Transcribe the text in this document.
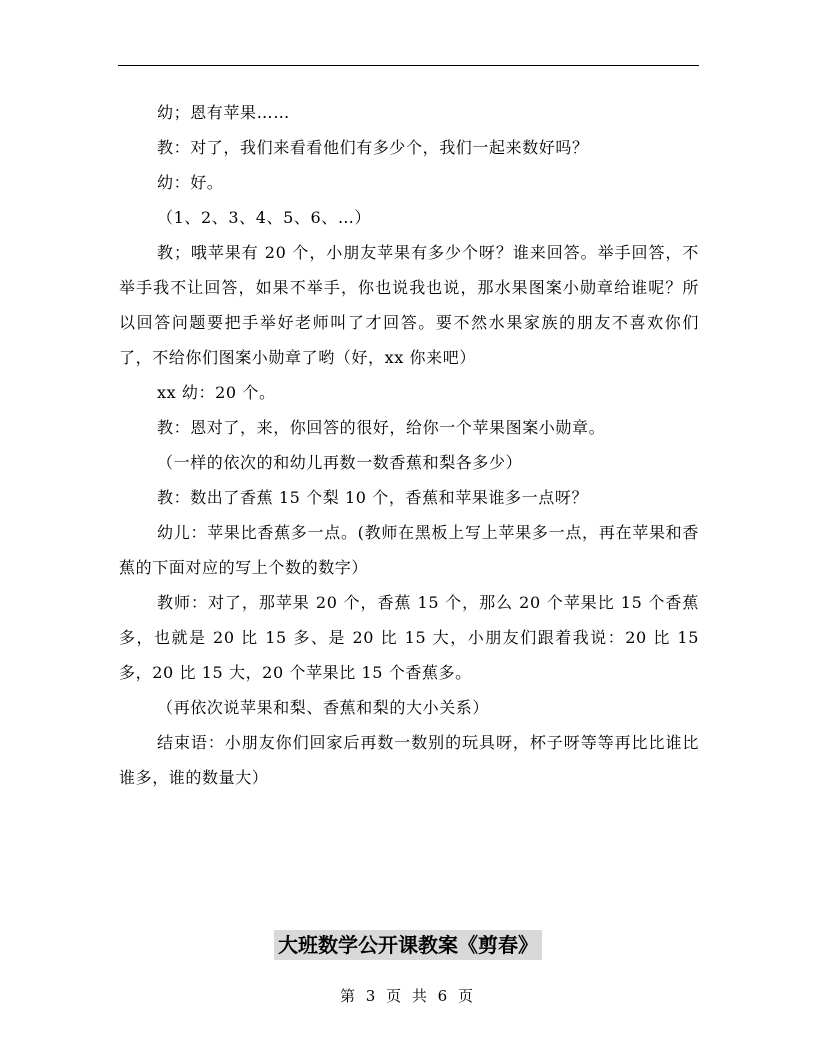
幼；恩有苹果……

教：对了，我们来看看他们有多少个，我们一起来数好吗？

幼：好。

（1、2、3、4、5、6、…）

教；哦苹果有 20 个，小朋友苹果有多少个呀？谁来回答。举手回答，不举手我不让回答，如果不举手，你也说我也说，那水果图案小勋章给谁呢？所以回答问题要把手举好老师叫了才回答。要不然水果家族的朋友不喜欢你们了，不给你们图案小勋章了哟（好，xx 你来吧）

xx 幼：20 个。

教：恩对了，来，你回答的很好，给你一个苹果图案小勋章。

（一样的依次的和幼儿再数一数香蕉和梨各多少）

教：数出了香蕉 15 个梨 10 个，香蕉和苹果谁多一点呀？

幼儿：苹果比香蕉多一点。(教师在黑板上写上苹果多一点，再在苹果和香蕉的下面对应的写上个数的数字）

教师：对了，那苹果 20 个，香蕉 15 个，那么 20 个苹果比 15 个香蕉多，也就是 20 比 15 多、是 20 比 15 大，小朋友们跟着我说：20 比 15 多，20 比 15 大，20 个苹果比 15 个香蕉多。

（再依次说苹果和梨、香蕉和梨的大小关系）

结束语：小朋友你们回家后再数一数别的玩具呀，杯子呀等等再比比谁比谁多，谁的数量大）

大班数学公开课教案《剪春》
第 3 页 共 6 页
